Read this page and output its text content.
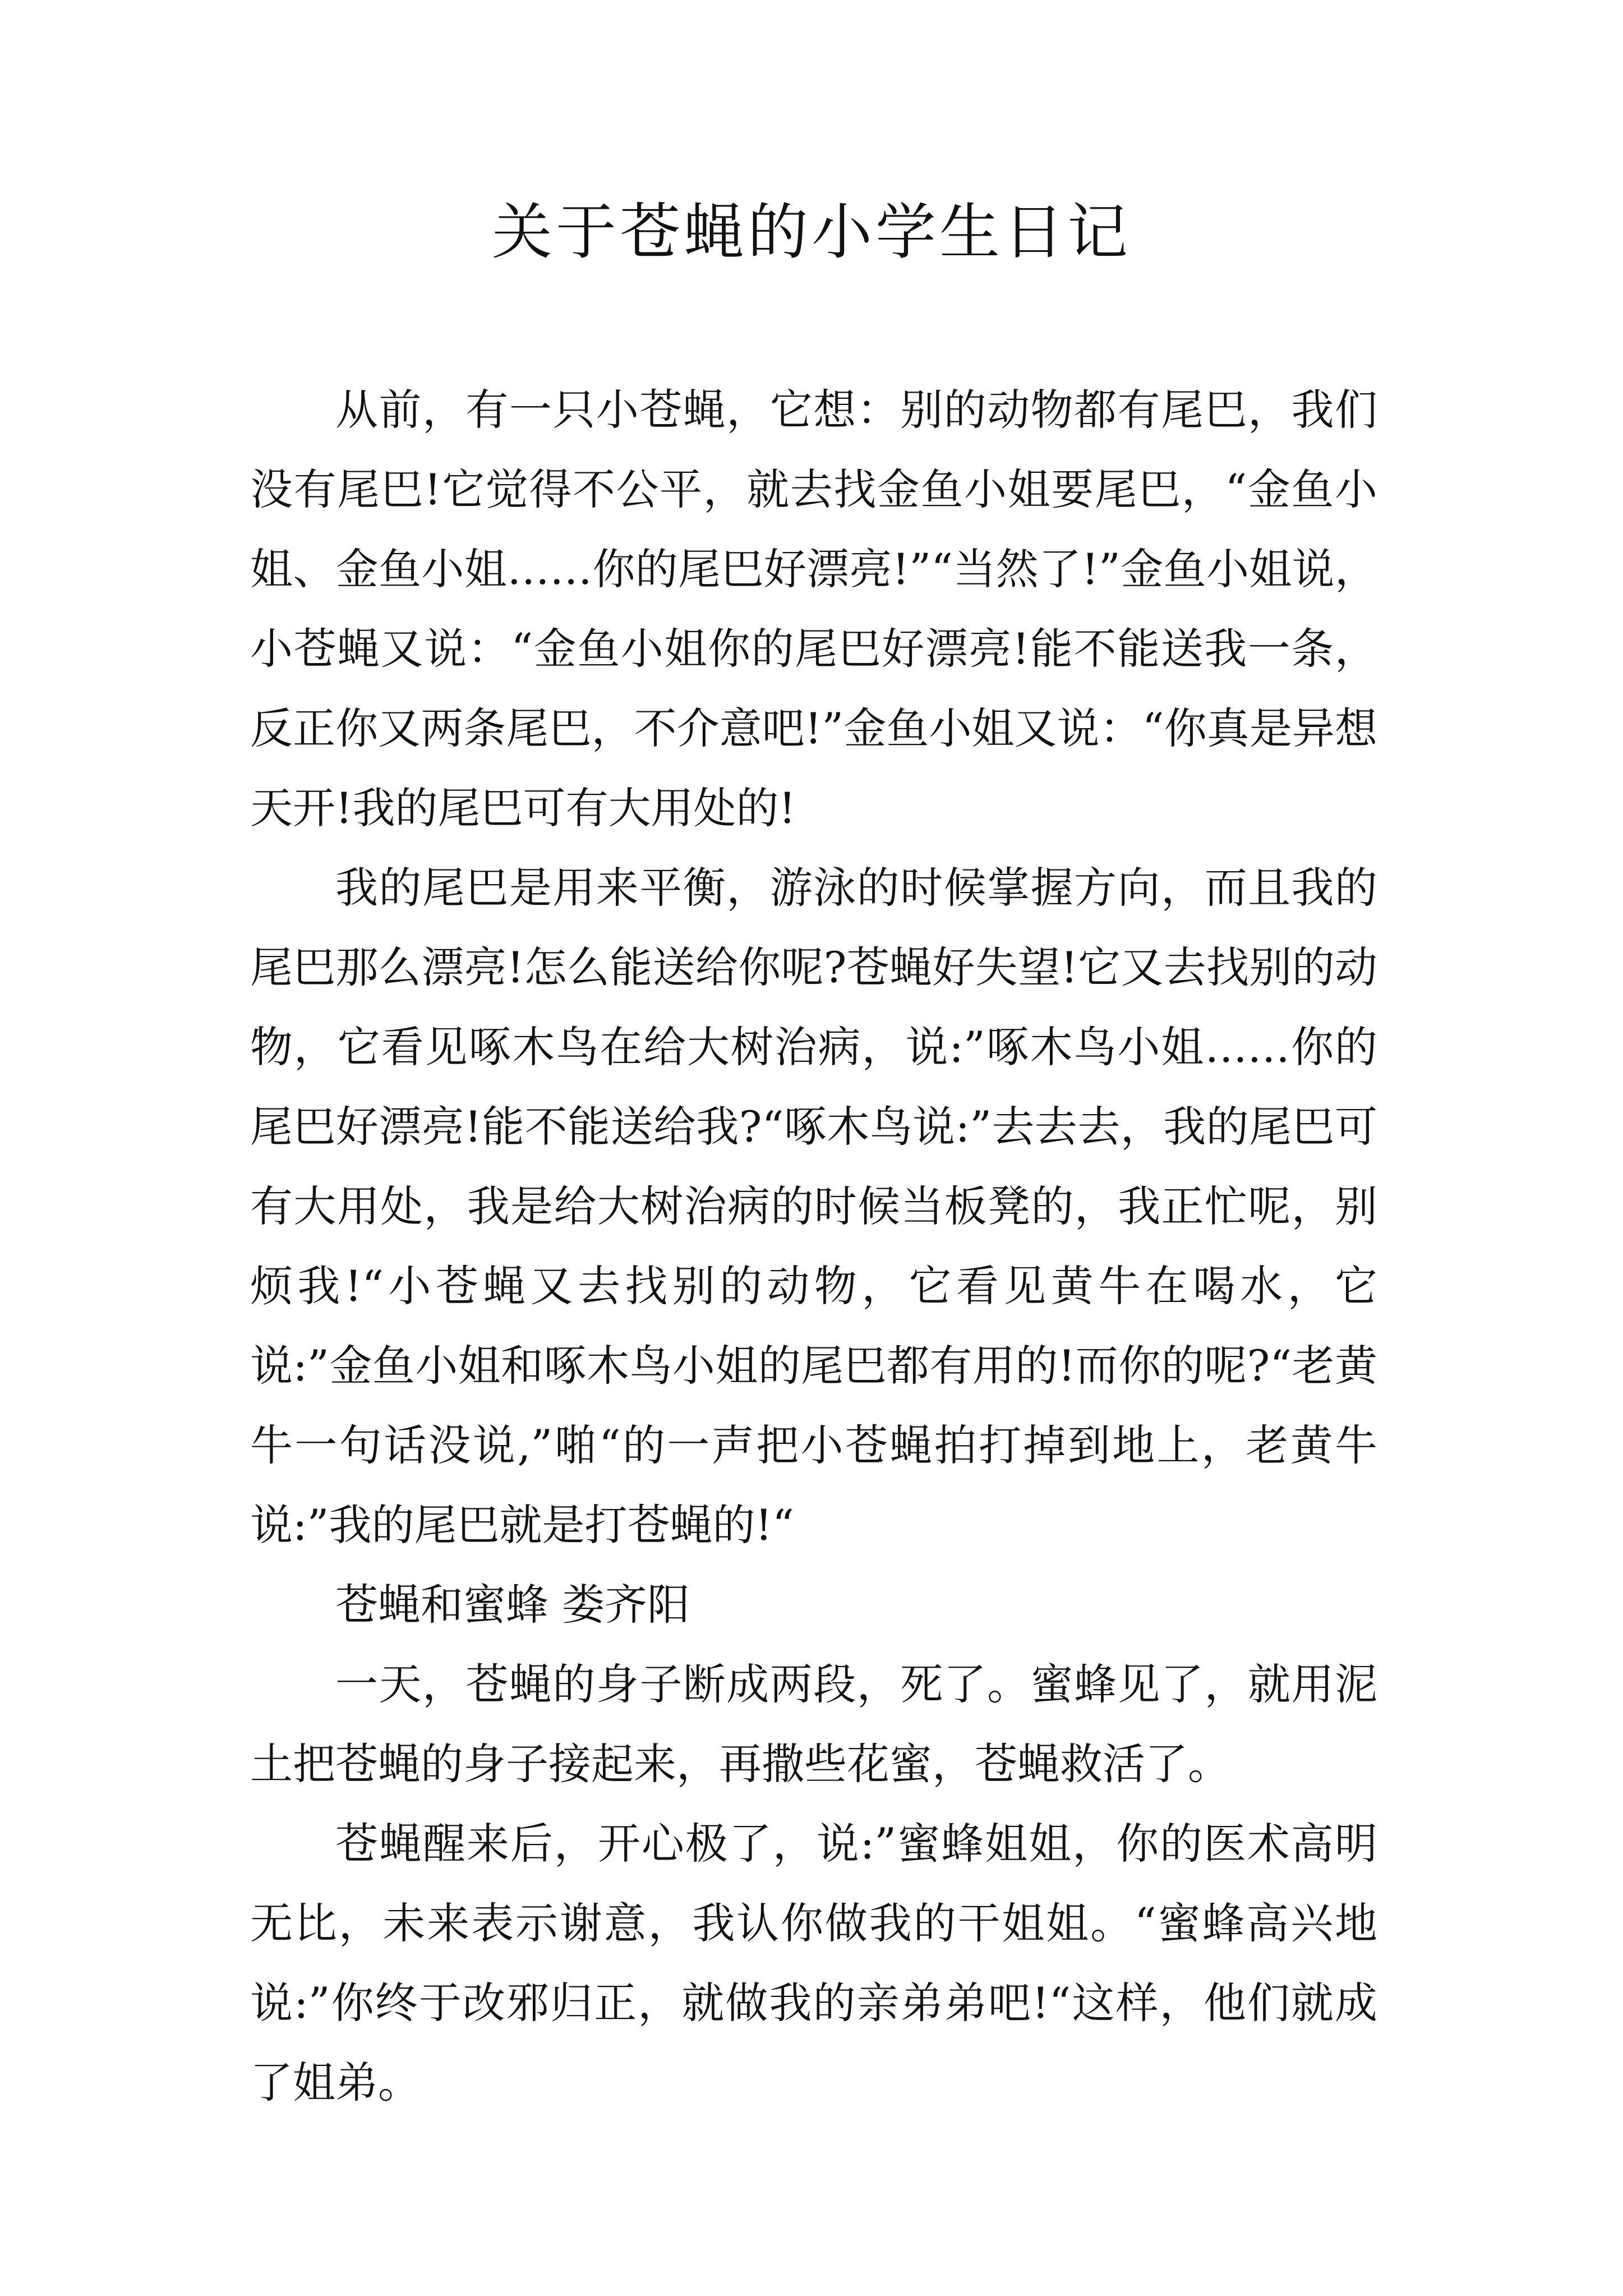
关于苍蝇的小学生日记

从前，有一只小苍蝇，它想：别的动物都有尾巴，我们没有尾巴!它觉得不公平，就去找金鱼小姐要尾巴，“金鱼小姐、金鱼小姐……你的尾巴好漂亮!”“当然了!”金鱼小姐说，小苍蝇又说：“金鱼小姐你的尾巴好漂亮!能不能送我一条，反正你又两条尾巴，不介意吧!”金鱼小姐又说：“你真是异想天开!我的尾巴可有大用处的!

我的尾巴是用来平衡，游泳的时候掌握方向，而且我的尾巴那么漂亮!怎么能送给你呢?苍蝇好失望!它又去找别的动物，它看见啄木鸟在给大树治病，说:”啄木鸟小姐……你的尾巴好漂亮!能不能送给我?“啄木鸟说:”去去去，我的尾巴可有大用处，我是给大树治病的时候当板凳的，我正忙呢，别烦我!“小苍蝇又去找别的动物，它看见黄牛在喝水，它说:”金鱼小姐和啄木鸟小姐的尾巴都有用的!而你的呢?“老黄牛一句话没说,”啪“的一声把小苍蝇拍打掉到地上，老黄牛说:”我的尾巴就是打苍蝇的!“

苍蝇和蜜蜂 娄齐阳

一天，苍蝇的身子断成两段，死了。蜜蜂见了，就用泥土把苍蝇的身子接起来，再撒些花蜜，苍蝇救活了。

苍蝇醒来后，开心极了，说:”蜜蜂姐姐，你的医术高明无比，未来表示谢意，我认你做我的干姐姐。“蜜蜂高兴地说:”你终于改邪归正，就做我的亲弟弟吧!“这样，他们就成了姐弟。
